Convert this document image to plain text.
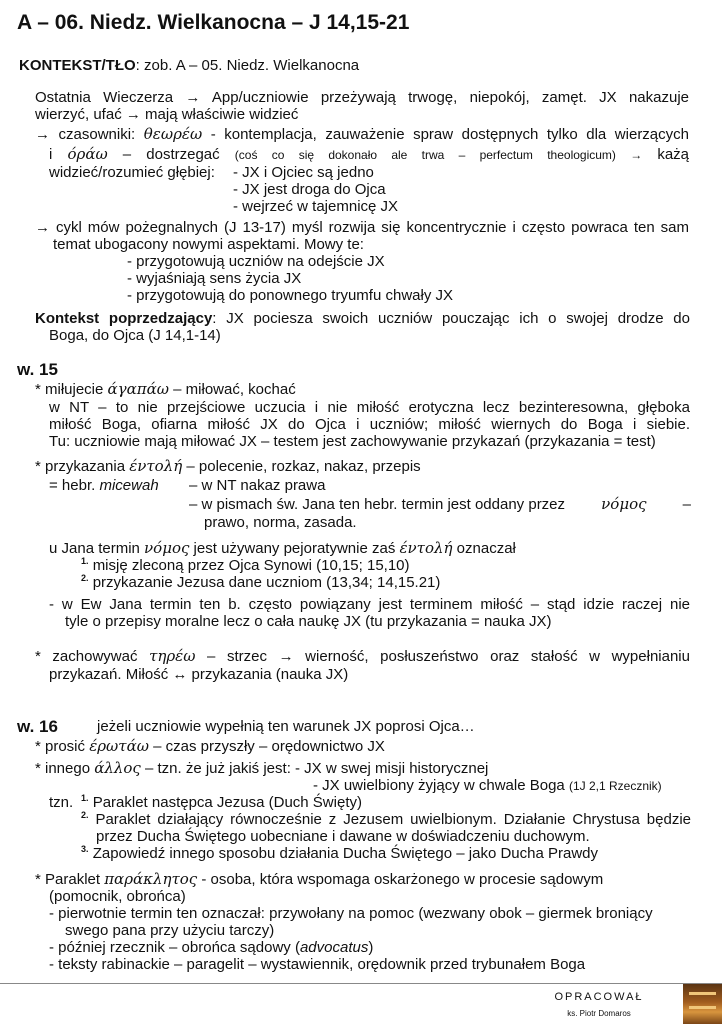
A – 06. Niedz. Wielkanocna – J 14,15-21
KONTEKST/TŁO: zob. A – 05. Niedz. Wielkanocna
Ostatnia Wieczerza → App/uczniowie przeżywają trwogę, niepokój, zamęt. JX nakazuje
wierzyć, ufać → mają właściwie widzieć
→ czasowniki: θεωρέω - kontemplacja, zauważenie spraw dostępnych tylko dla wierzących
i όράω – dostrzegać (coś co się dokonało ale trwa – perfectum theologicum) → każą
widzieć/rozumieć głębiej: - JX i Ojciec są jedno
- JX jest droga do Ojca
- wejrzeć w tajemnicę JX
→ cykl mów pożegnalnych (J 13-17) myśl rozwija się koncentrycznie i często powraca ten sam
temat ubogacony nowymi aspektami. Mowy te:
- przygotowują uczniów na odejście JX
- wyjaśniają sens życia JX
- przygotowują do ponownego tryumfu chwały JX
Kontekst poprzedzający: JX pociesza swoich uczniów pouczając ich o swojej drodze do
Boga, do Ojca (J 14,1-14)
w. 15
* miłujecie άγαπάω – miłować, kochać
w NT – to nie przejściowe uczucia i nie miłość erotyczna lecz bezinteresowna, głęboka
miłość Boga, ofiarna miłość JX do Ojca i uczniów; miłość wiernych do Boga i siebie.
Tu: uczniowie mają miłować JX – testem jest zachowywanie przykazań (przykazania = test)
* przykazania έντολή – polecenie, rozkaz, nakaz, przepis
= hebr. micewah – w NT nakaz prawa
– w pismach św. Jana ten hebr. termin jest oddany przez νόμος –
prawo, norma, zasada.
u Jana termin νόμος jest używany pejoratywnie zaś έντολή oznaczał
$^{1.}$ misję zleconą przez Ojca Synowi (10,15; 15,10)
$^{2.}$ przykazanie Jezusa dane uczniom (13,34; 14,15.21)
- w Ew Jana termin ten b. często powiązany jest terminem miłość – stąd idzie raczej nie
tyle o przepisy moralne lecz o cała naukę JX (tu przykazania = nauka JX)
* zachowywać τηρέω – strzec → wierność, posłuszeństwo oraz stałość w wypełnianiu
przykazań. Miłość ↔ przykazania (nauka JX)
w. 16	jeżeli uczniowie wypełnią ten warunek JX poprosi Ojca…
* prosić έρωτάω – czas przyszły – orędownictwo JX
* innego άλλος – tzn. że już jakiś jest: - JX w swej misji historycznej
- JX uwielbiony żyjący w chwale Boga (1J 2,1 Rzecznik)
tzn. $^{1.}$ Paraklet następca Jezusa (Duch Święty)
$^{2.}$ Paraklet działający równocześnie z Jezusem uwielbionym. Działanie Chrystusa będzie
przez Ducha Świętego uobecniane i dawane w doświadczeniu duchowym.
$^{3.}$ Zapowiedź innego sposobu działania Ducha Świętego – jako Ducha Prawdy
* Paraklet παράκλητος - osoba, która wspomaga oskarżonego w procesie sądowym
(pomocnik, obrońca)
- pierwotnie termin ten oznaczał: przywołany na pomoc (wezwany obok – giermek broniący
swego pana przy użyciu tarczy)
- później rzecznik – obrońca sądowy (advocatus)
- teksty rabinackie – paragelit – wystawiennik, orędownik przed trybunałem Boga
OPRACOWAŁ
ks. Piotr Domaros
